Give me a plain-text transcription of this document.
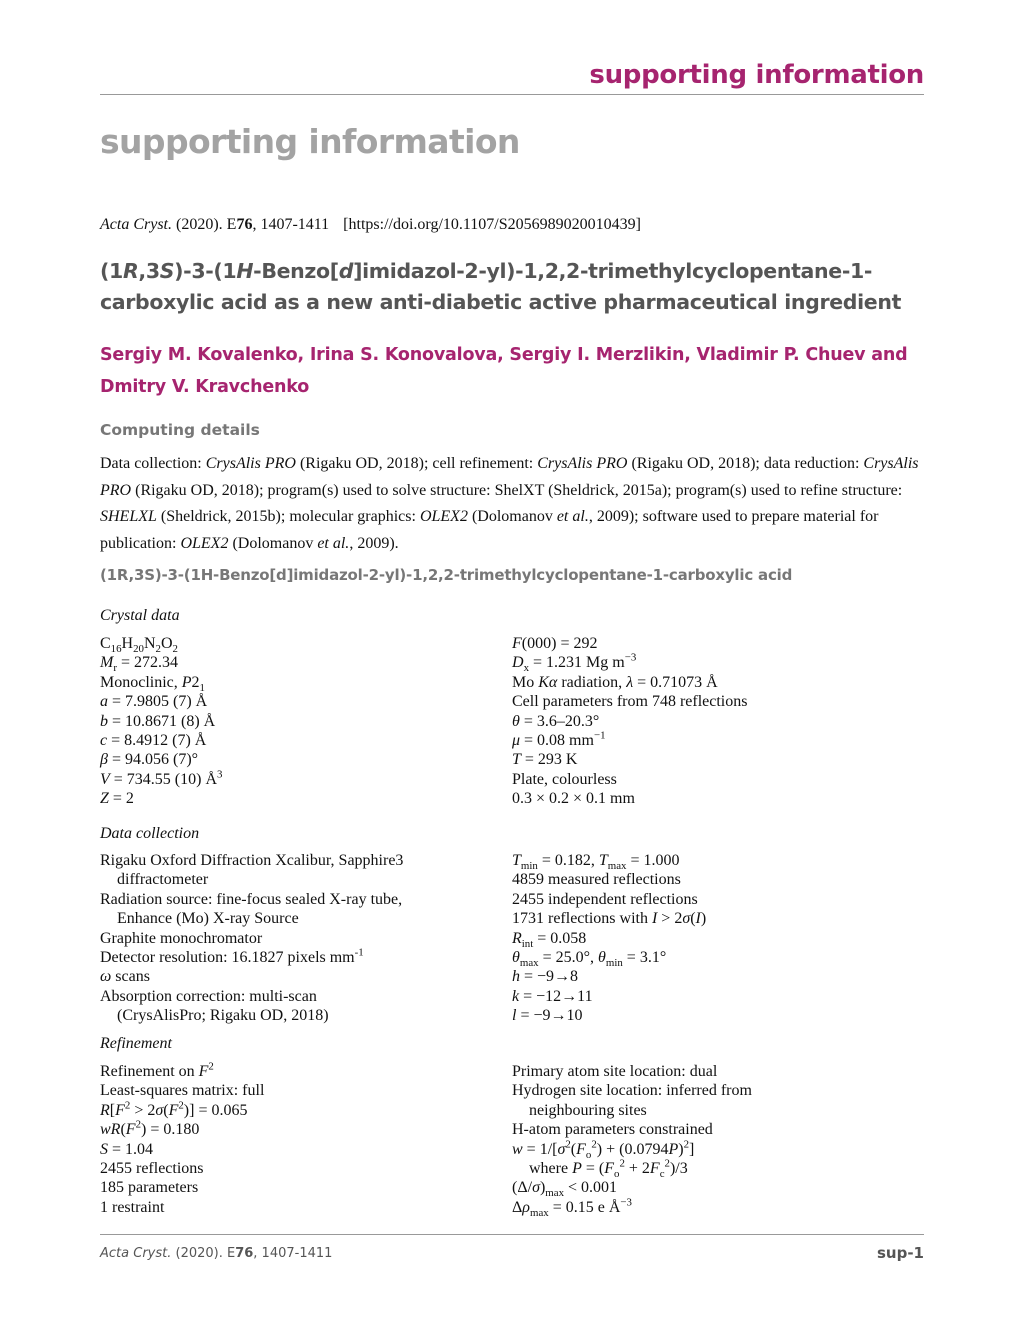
supporting information
supporting information
Acta Cryst. (2020). E76, 1407-1411 [https://doi.org/10.1107/S2056989020010439]
(1R,3S)-3-(1H-Benzo[d]imidazol-2-yl)-1,2,2-trimethylcyclopentane-1-carboxylic acid as a new anti-diabetic active pharmaceutical ingredient
Sergiy M. Kovalenko, Irina S. Konovalova, Sergiy I. Merzlikin, Vladimir P. Chuev and Dmitry V. Kravchenko
Computing details
Data collection: CrysAlis PRO (Rigaku OD, 2018); cell refinement: CrysAlis PRO (Rigaku OD, 2018); data reduction: CrysAlis PRO (Rigaku OD, 2018); program(s) used to solve structure: ShelXT (Sheldrick, 2015a); program(s) used to refine structure: SHELXL (Sheldrick, 2015b); molecular graphics: OLEX2 (Dolomanov et al., 2009); software used to prepare material for publication: OLEX2 (Dolomanov et al., 2009).
(1R,3S)-3-(1H-Benzo[d]imidazol-2-yl)-1,2,2-trimethylcyclopentane-1-carboxylic acid
Crystal data
$C_{16}H_{20}N_2O_2$
$M_r = 272.34$
Monoclinic, $P2_1$
a = 7.9805 (7) Å
b = 10.8671 (8) Å
c = 8.4912 (7) Å
β = 94.056 (7)°
V = 734.55 (10) $Å^3$
Z = 2
F(000) = 292
$D_x = 1.231$ Mg $m^{-3}$
Mo Kα radiation, λ = 0.71073 Å
Cell parameters from 748 reflections
θ = 3.6–20.3°
μ = 0.08 $mm^{-1}$
T = 293 K
Plate, colourless
0.3 × 0.2 × 0.1 mm
Data collection
Rigaku Oxford Diffraction Xcalibur, Sapphire3
diffractometer
Radiation source: fine-focus sealed X-ray tube,
Enhance (Mo) X-ray Source
Graphite monochromator
Detector resolution: 16.1827 pixels $mm^{-1}$
ω scans
Absorption correction: multi-scan
(CrysAlisPro; Rigaku OD, 2018)
$T_{min} = 0.182$, $T_{max} = 1.000$
4859 measured reflections
2455 independent reflections
1731 reflections with I > 2σ(I)
$R_{int} = 0.058$
$\theta_{max} = 25.0^\circ$, $\theta_{min} = 3.1^\circ$
h = −9→8
k = −12→11
l = −9→10
Refinement
Refinement on $F^2$
Least-squares matrix: full
$R[F^2 > 2\sigma(F^2)] = 0.065$
$wR(F^2) = 0.180$
S = 1.04
2455 reflections
185 parameters
1 restraint
Primary atom site location: dual
Hydrogen site location: inferred from
neighbouring sites
H-atom parameters constrained
$w = 1/[\sigma^2(F_o^2) + (0.0794P)^2]$
where $P = (F_o^2 + 2F_c^2)/3$
$(\Delta/\sigma)_{max} < 0.001$
$\Delta\rho_{max} = 0.15$ e $Å^{-3}$
Acta Cryst. (2020). E76, 1407-1411	sup-1
